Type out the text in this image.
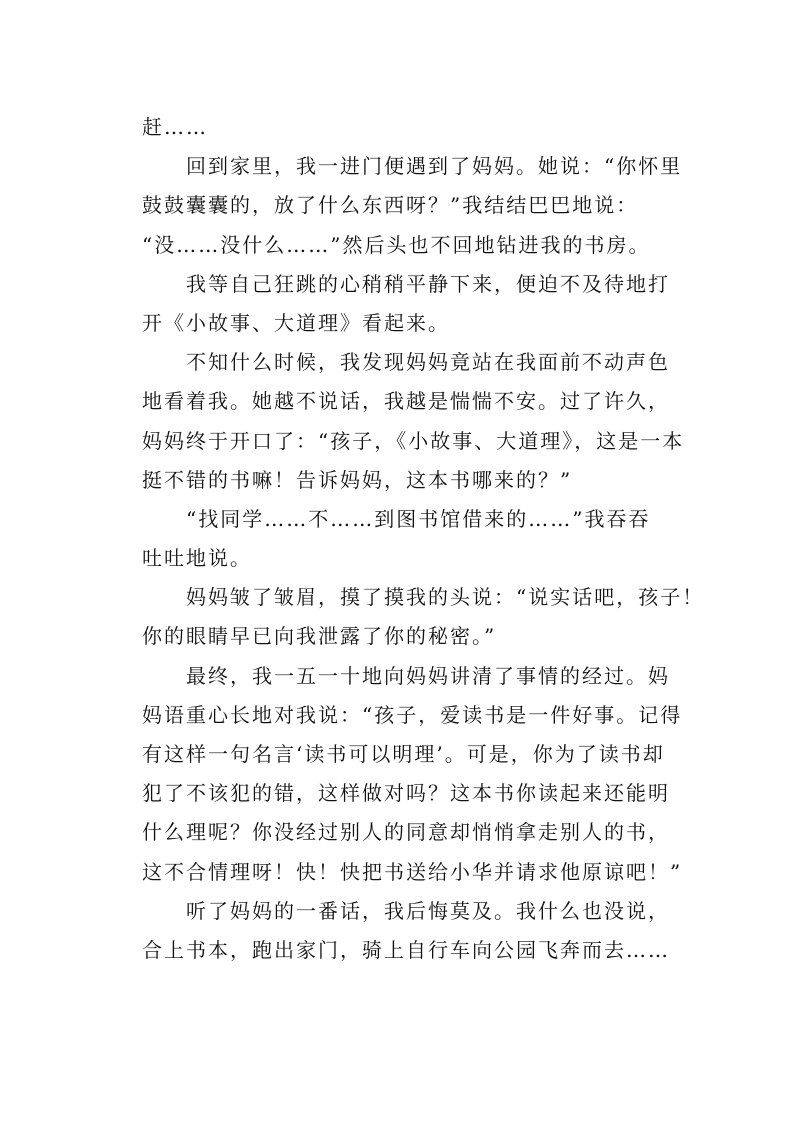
赶……
回到家里，我一进门便遇到了妈妈。她说：“你怀里
鼓鼓囊囊的，放了什么东西呀？”我结结巴巴地说：
“没……没什么……”然后头也不回地钻进我的书房。
我等自己狂跳的心稍稍平静下来，便迫不及待地打
开《小故事、大道理》看起来。
不知什么时候，我发现妈妈竟站在我面前不动声色
地看着我。她越不说话，我越是惴惴不安。过了许久，
妈妈终于开口了：“孩子，《小故事、大道理》，这是一本
挺不错的书嘛！告诉妈妈，这本书哪来的？”
“找同学……不……到图书馆借来的……”我吞吞
吐吐地说。
妈妈皱了皱眉，摸了摸我的头说：“说实话吧，孩子！
你的眼睛早已向我泄露了你的秘密。”
最终，我一五一十地向妈妈讲清了事情的经过。妈
妈语重心长地对我说：“孩子，爱读书是一件好事。记得
有这样一句名言‘读书可以明理’。可是，你为了读书却
犯了不该犯的错，这样做对吗？这本书你读起来还能明
什么理呢？你没经过别人的同意却悄悄拿走别人的书，
这不合情理呀！快！快把书送给小华并请求他原谅吧！”
听了妈妈的一番话，我后悔莫及。我什么也没说，
合上书本，跑出家门，骑上自行车向公园飞奔而去……
